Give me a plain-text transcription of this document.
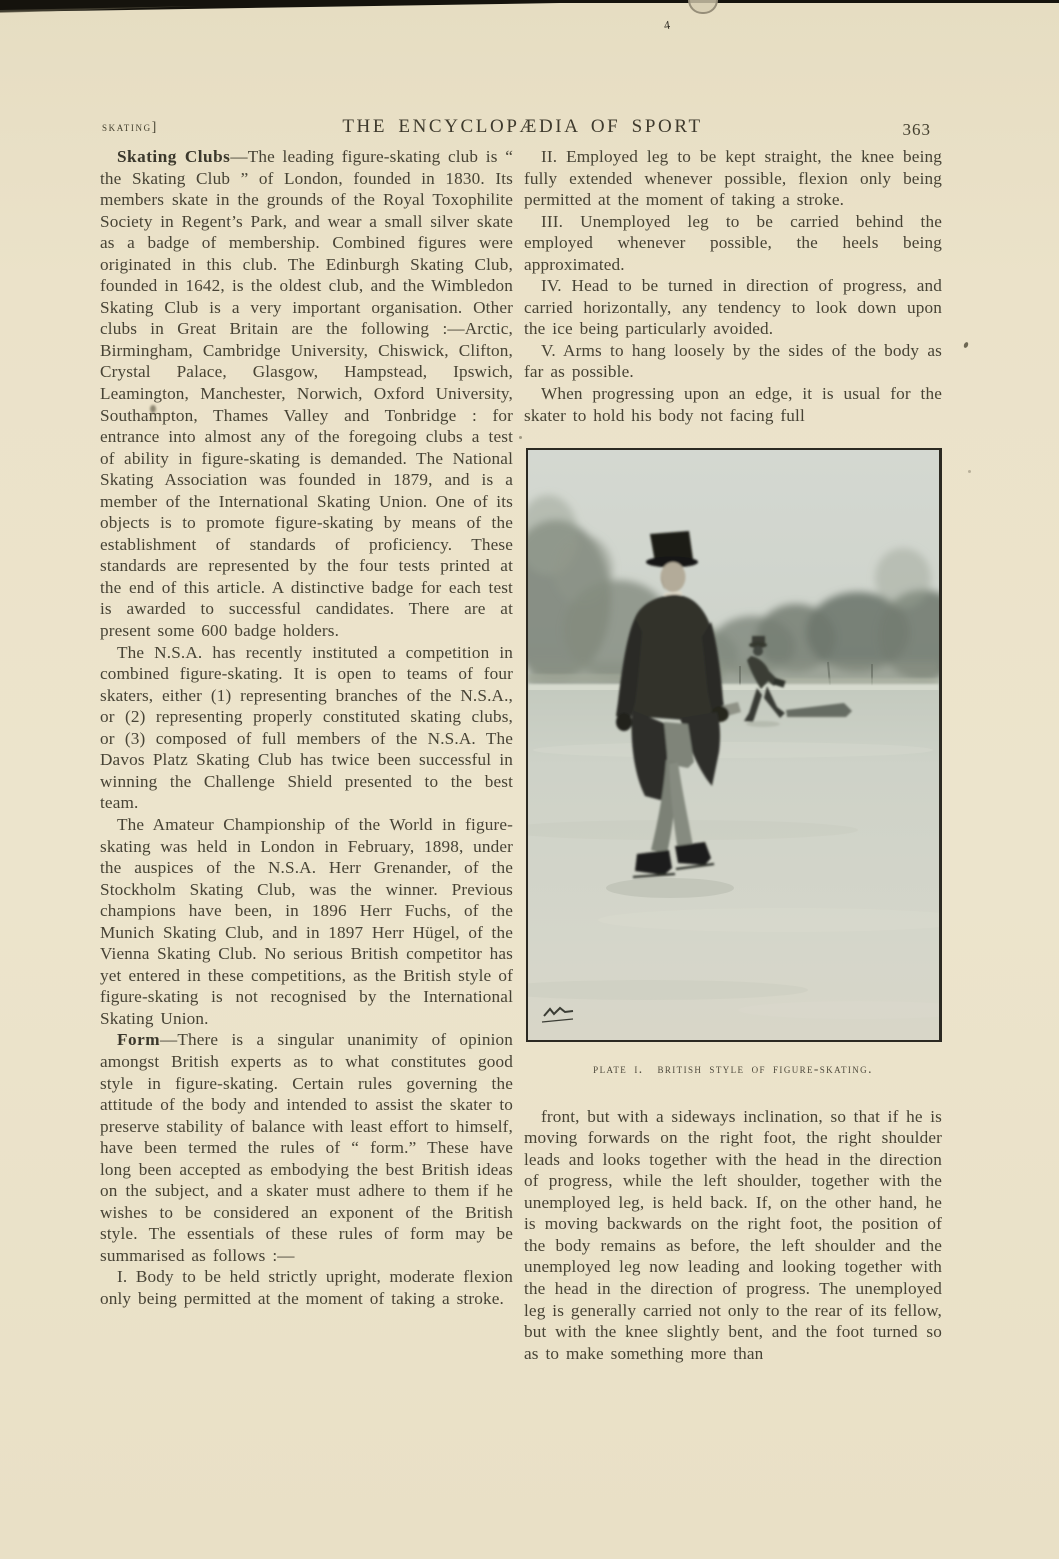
4
skating]	THE ENCYCLOPÆDIA OF SPORT	363

Skating Clubs—The leading figure-skating club is “ the Skating Club ” of London, founded in 1830. Its members skate in the grounds of the Royal Toxophilite Society in Regent’s Park, and wear a small silver skate as a badge of membership. Combined figures were originated in this club. The Edinburgh Skating Club, founded in 1642, is the oldest club, and the Wimbledon Skating Club is a very important organisation. Other clubs in Great Britain are the following :—Arctic, Birmingham, Cambridge University, Chiswick, Clifton, Crystal Palace, Glasgow, Hampstead, Ipswich, Leamington, Manchester, Norwich, Oxford University, Southampton, Thames Valley and Tonbridge : for entrance into almost any of the foregoing clubs a test of ability in figure-skating is demanded. The National Skating Association was founded in 1879, and is a member of the International Skating Union. One of its objects is to promote figure-skating by means of the establishment of standards of proficiency. These standards are represented by the four tests printed at the end of this article. A distinctive badge for each test is awarded to successful candidates. There are at present some 600 badge holders.

The N.S.A. has recently instituted a competition in combined figure-skating. It is open to teams of four skaters, either (1) representing branches of the N.S.A., or (2) representing properly constituted skating clubs, or (3) composed of full members of the N.S.A. The Davos Platz Skating Club has twice been successful in winning the Challenge Shield presented to the best team.

The Amateur Championship of the World in figure-skating was held in London in February, 1898, under the auspices of the N.S.A. Herr Grenander, of the Stockholm Skating Club, was the winner. Previous champions have been, in 1896 Herr Fuchs, of the Munich Skating Club, and in 1897 Herr Hügel, of the Vienna Skating Club. No serious British competitor has yet entered in these competitions, as the British style of figure-skating is not recognised by the International Skating Union.

Form—There is a singular unanimity of opinion amongst British experts as to what constitutes good style in figure-skating. Certain rules governing the attitude of the body and intended to assist the skater to preserve stability of balance with least effort to himself, have been termed the rules of “ form.” These have long been accepted as embodying the best British ideas on the subject, and a skater must adhere to them if he wishes to be considered an exponent of the British style. The essentials of these rules of form may be summarised as follows :—

I. Body to be held strictly upright, moderate flexion only being permitted at the moment of taking a stroke.

II. Employed leg to be kept straight, the knee being fully extended whenever possible, flexion only being permitted at the moment of taking a stroke.

III. Unemployed leg to be carried behind the employed whenever possible, the heels being approximated.

IV. Head to be turned in direction of progress, and carried horizontally, any tendency to look down upon the ice being particularly avoided.

V. Arms to hang loosely by the sides of the body as far as possible.

When progressing upon an edge, it is usual for the skater to hold his body not facing full

plate i. british style of figure-skating.

front, but with a sideways inclination, so that if he is moving forwards on the right foot, the right shoulder leads and looks together with the head in the direction of progress, while the left shoulder, together with the unemployed leg, is held back. If, on the other hand, he is moving backwards on the right foot, the position of the body remains as before, the left shoulder and the unemployed leg now leading and looking together with the head in the direction of progress. The unemployed leg is generally carried not only to the rear of its fellow, but with the knee slightly bent, and the foot turned so as to make something more than
